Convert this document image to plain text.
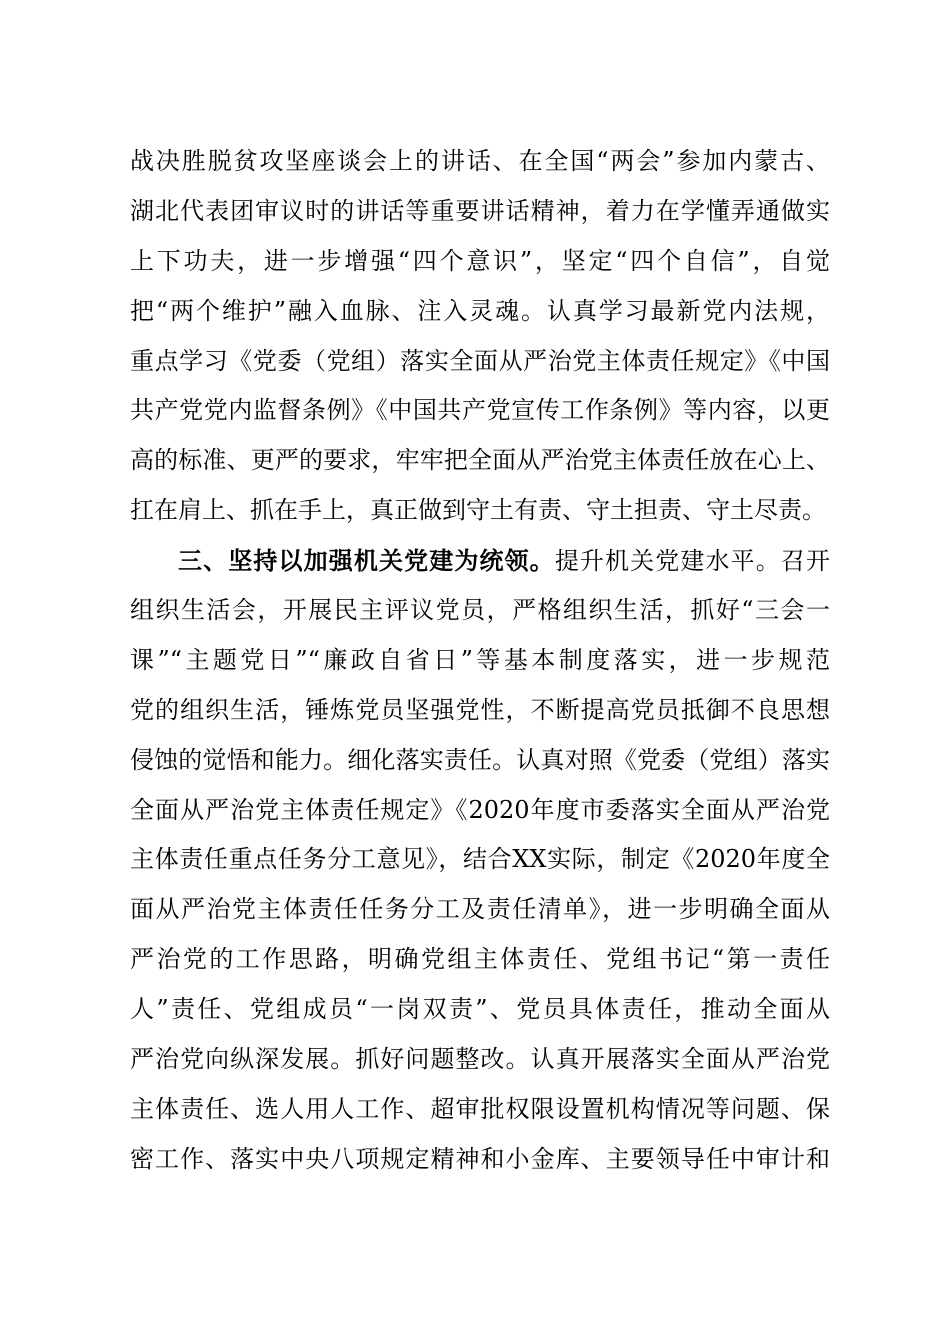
战决胜脱贫攻坚座谈会上的讲话、在全国“两会”参加内蒙古、
湖北代表团审议时的讲话等重要讲话精神，着力在学懂弄通做实
上下功夫，进一步增强“四个意识”，坚定“四个自信”，自觉
把“两个维护”融入血脉、注入灵魂。认真学习最新党内法规，
重点学习《党委（党组）落实全面从严治党主体责任规定》《中国
共产党党内监督条例》《中国共产党宣传工作条例》等内容，以更
高的标准、更严的要求，牢牢把全面从严治党主体责任放在心上、
扛在肩上、抓在手上，真正做到守土有责、守土担责、守土尽责。
三、坚持以加强机关党建为统领。提升机关党建水平。召开
组织生活会，开展民主评议党员，严格组织生活，抓好“三会一
课”“主题党日”“廉政自省日”等基本制度落实，进一步规范
党的组织生活，锤炼党员坚强党性，不断提高党员抵御不良思想
侵蚀的觉悟和能力。细化落实责任。认真对照《党委（党组）落实
全面从严治党主体责任规定》《2020年度市委落实全面从严治党
主体责任重点任务分工意见》，结合XX实际，制定《2020年度全
面从严治党主体责任任务分工及责任清单》，进一步明确全面从
严治党的工作思路，明确党组主体责任、党组书记“第一责任
人”责任、党组成员“一岗双责”、党员具体责任，推动全面从
严治党向纵深发展。抓好问题整改。认真开展落实全面从严治党
主体责任、选人用人工作、超审批权限设置机构情况等问题、保
密工作、落实中央八项规定精神和小金库、主要领导任中审计和
